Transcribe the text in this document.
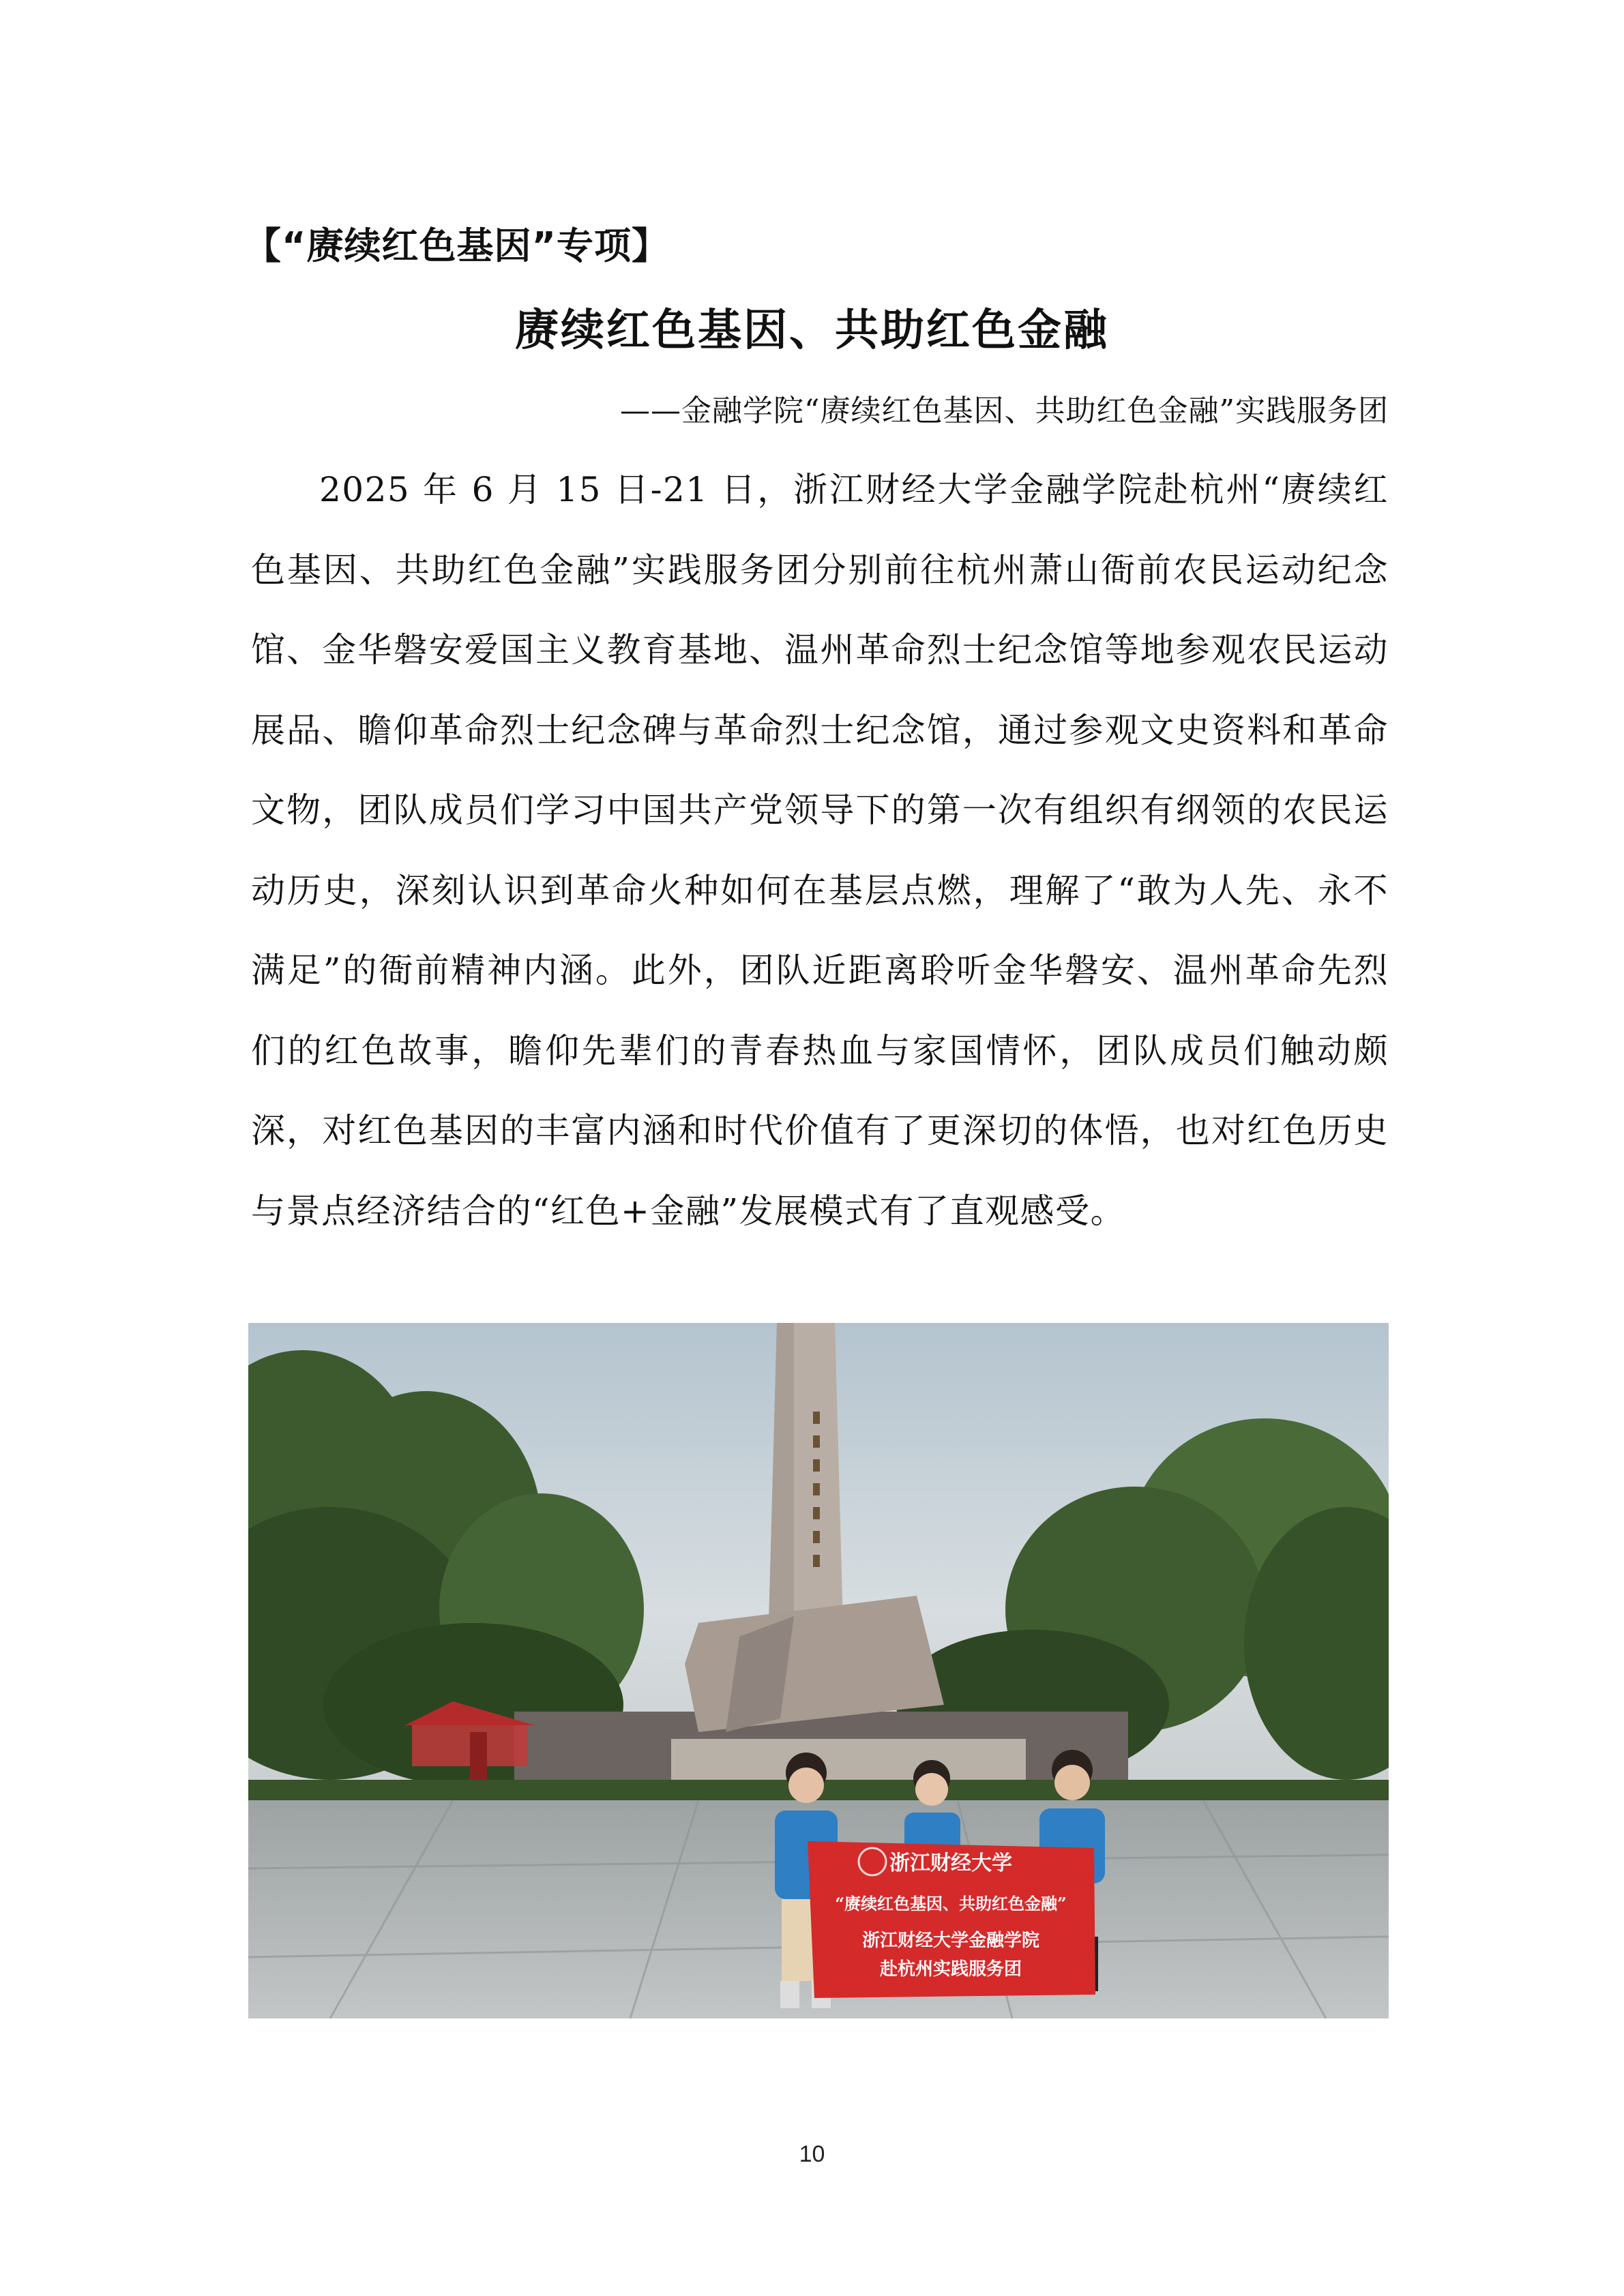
【“赓续红色基因”专项】
赓续红色基因、共助红色金融
——金融学院“赓续红色基因、共助红色金融”实践服务团
2025 年 6 月 15 日-21 日，浙江财经大学金融学院赴杭州“赓续红色基因、共助红色金融”实践服务团分别前往杭州萧山衙前农民运动纪念馆、金华磐安爱国主义教育基地、温州革命烈士纪念馆等地参观农民运动展品、瞻仰革命烈士纪念碑与革命烈士纪念馆，通过参观文史资料和革命文物，团队成员们学习中国共产党领导下的第一次有组织有纲领的农民运动历史，深刻认识到革命火种如何在基层点燃，理解了“敢为人先、永不满足”的衙前精神内涵。此外，团队近距离聆听金华磐安、温州革命先烈们的红色故事，瞻仰先辈们的青春热血与家国情怀，团队成员们触动颇深，对红色基因的丰富内涵和时代价值有了更深切的体悟，也对红色历史与景点经济结合的“红色+金融”发展模式有了直观感受。
浙江财经大学
“赓续红色基因、共助红色金融”
浙江财经大学金融学院
赴杭州实践服务团
10
